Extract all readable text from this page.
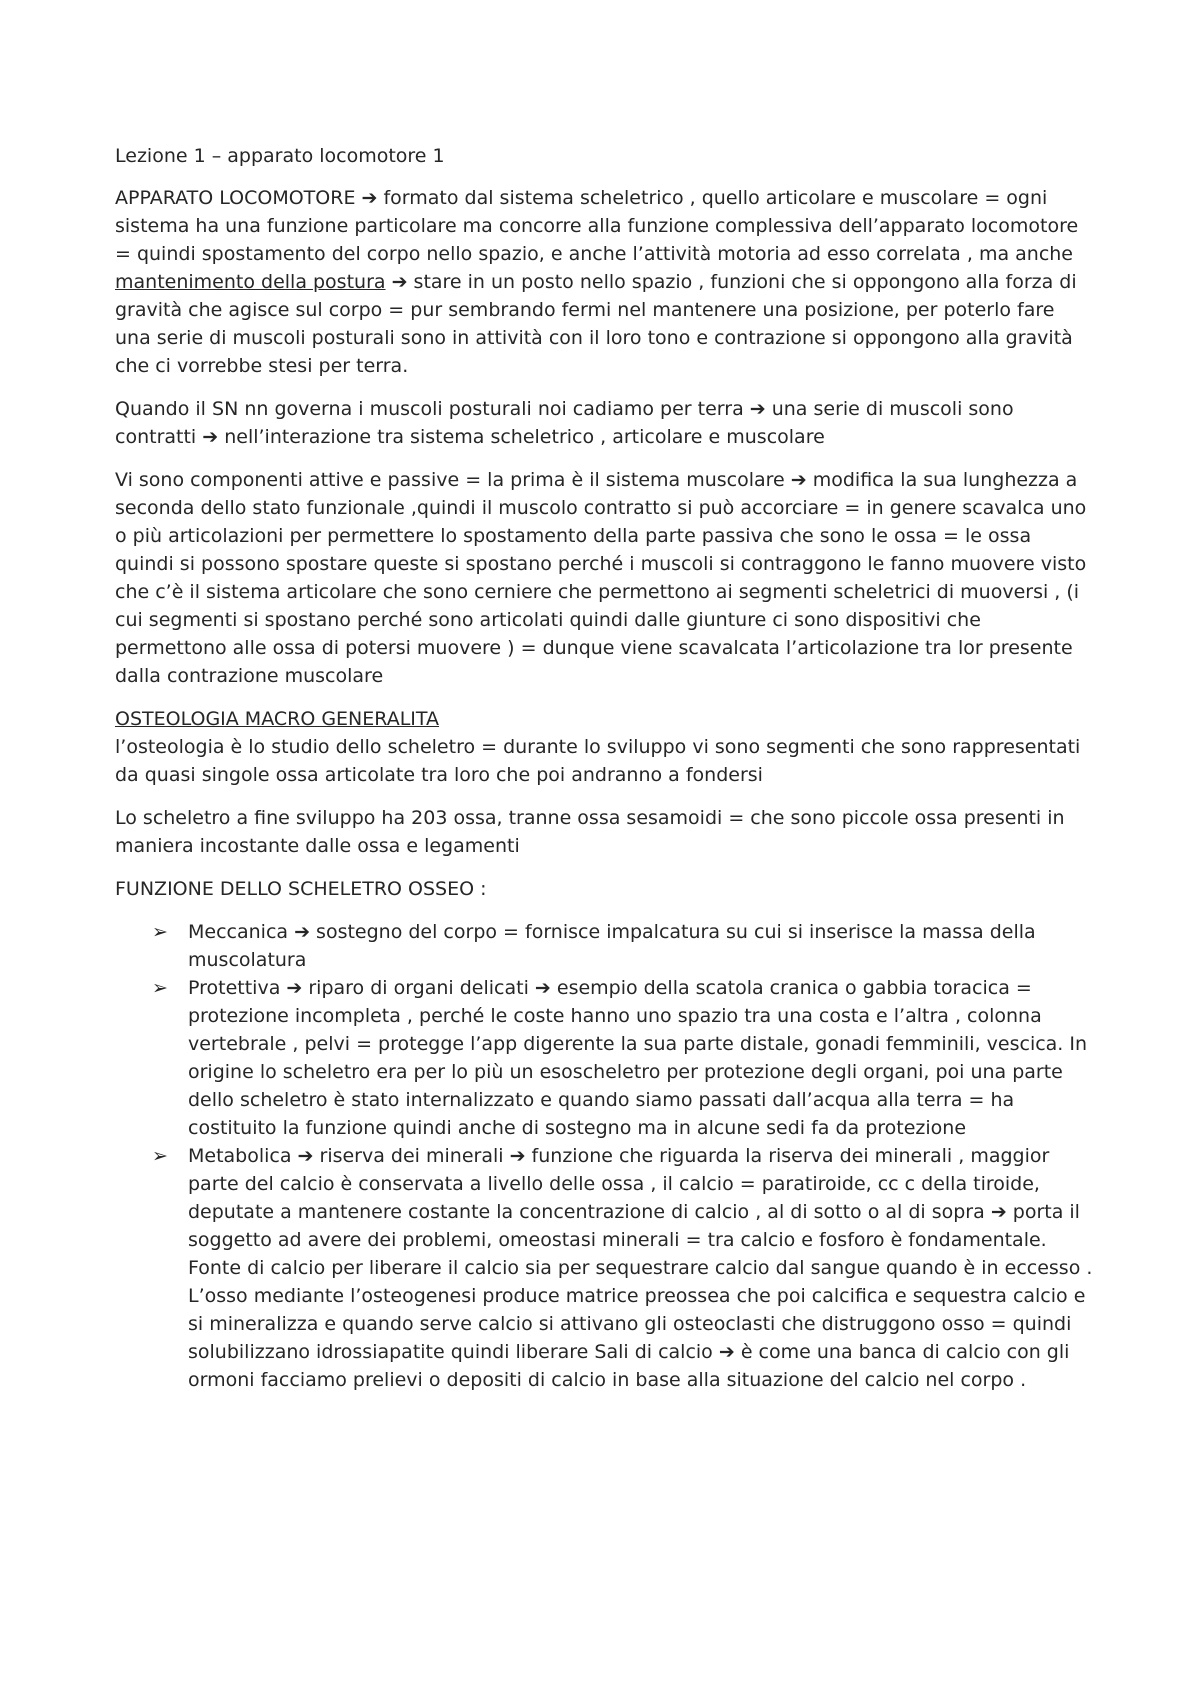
Lezione 1 – apparato locomotore 1

APPARATO LOCOMOTORE ➔ formato dal sistema scheletrico , quello articolare e muscolare = ogni sistema ha una funzione particolare ma concorre alla funzione complessiva dell’apparato locomotore = quindi spostamento del corpo nello spazio, e anche l’attività motoria ad esso correlata , ma anche mantenimento della postura ➔ stare in un posto nello spazio , funzioni che si oppongono alla forza di gravità che agisce sul corpo = pur sembrando fermi nel mantenere una posizione, per poterlo fare una serie di muscoli posturali sono in attività con il loro tono e contrazione si oppongono alla gravità che ci vorrebbe stesi per terra.

Quando il SN nn governa i muscoli posturali noi cadiamo per terra ➔ una serie di muscoli sono contratti ➔ nell’interazione tra sistema scheletrico , articolare e muscolare

Vi sono componenti attive e passive = la prima è il sistema muscolare ➔ modifica la sua lunghezza a seconda dello stato funzionale ,quindi il muscolo contratto si può accorciare = in genere scavalca uno o più articolazioni per permettere lo spostamento della parte passiva che sono le ossa = le ossa quindi si possono spostare queste si spostano perché i muscoli si contraggono le fanno muovere visto che c’è il sistema articolare che sono cerniere che permettono ai segmenti scheletrici di muoversi , (i cui segmenti si spostano perché sono articolati quindi dalle giunture ci sono dispositivi che permettono alle ossa di potersi muovere ) = dunque viene scavalcata l’articolazione tra lor presente dalla contrazione muscolare

OSTEOLOGIA MACRO GENERALITA

l’osteologia è lo studio dello scheletro = durante lo sviluppo vi sono segmenti che sono rappresentati da quasi singole ossa articolate tra loro che poi andranno a fondersi

Lo scheletro a fine sviluppo ha 203 ossa, tranne ossa sesamoidi = che sono piccole ossa presenti in maniera incostante dalle ossa e legamenti

FUNZIONE DELLO SCHELETRO OSSEO :

➢ Meccanica ➔ sostegno del corpo = fornisce impalcatura su cui si inserisce la massa della muscolatura
➢ Protettiva ➔ riparo di organi delicati ➔ esempio della scatola cranica o gabbia toracica = protezione incompleta , perché le coste hanno uno spazio tra una costa e l’altra , colonna vertebrale , pelvi = protegge l’app digerente la sua parte distale, gonadi femminili, vescica. In origine lo scheletro era per lo più un esoscheletro per protezione degli organi, poi una parte dello scheletro è stato internalizzato e quando siamo passati dall’acqua alla terra = ha costituito la funzione quindi anche di sostegno ma in alcune sedi fa da protezione
➢ Metabolica ➔ riserva dei minerali ➔ funzione che riguarda la riserva dei minerali , maggior parte del calcio è conservata a livello delle ossa , il calcio = paratiroide, cc c della tiroide, deputate a mantenere costante la concentrazione di calcio , al di sotto o al di sopra ➔ porta il soggetto ad avere dei problemi, omeostasi minerali = tra calcio e fosforo è fondamentale. Fonte di calcio per liberare il calcio sia per sequestrare calcio dal sangue quando è in eccesso . L’osso mediante l’osteogenesi produce matrice preossea che poi calcifica e sequestra calcio e si mineralizza e quando serve calcio si attivano gli osteoclasti che distruggono osso = quindi solubilizzano idrossiapatite quindi liberare Sali di calcio ➔ è come una banca di calcio con gli ormoni facciamo prelievi o depositi di calcio in base alla situazione del calcio nel corpo .
